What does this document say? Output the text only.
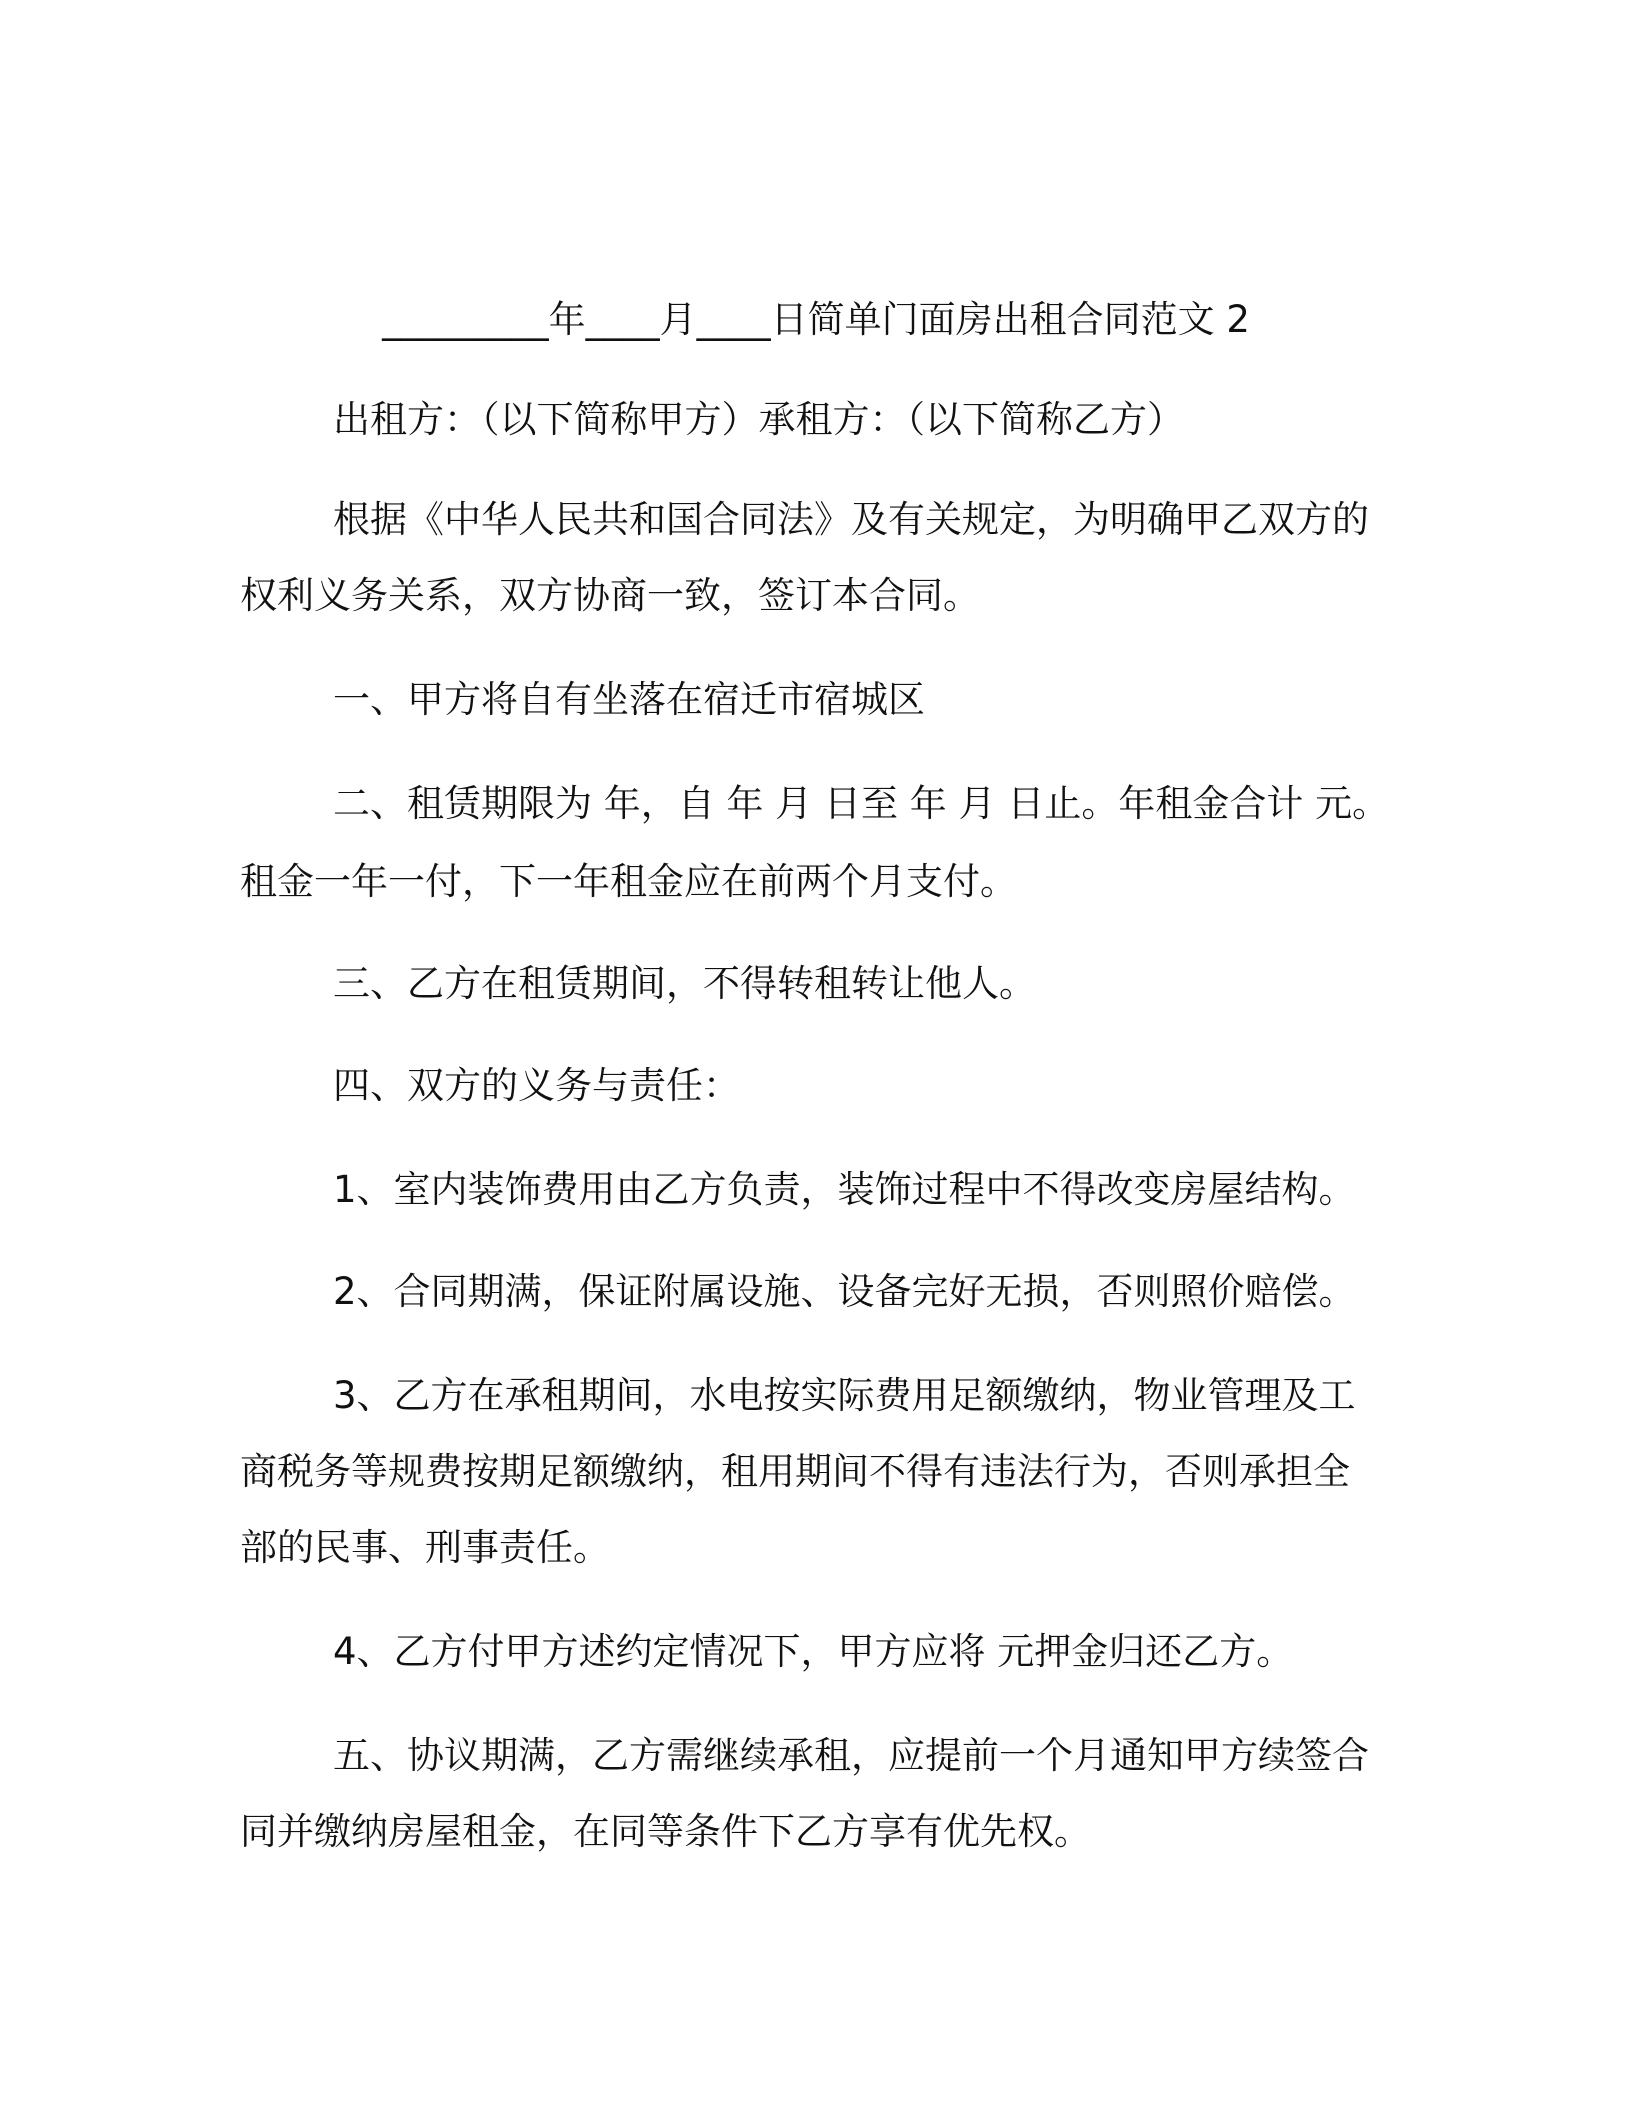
_________年____月____日简单门面房出租合同范文 2
出租方：（以下简称甲方）承租方：（以下简称乙方）
根据《中华人民共和国合同法》及有关规定，为明确甲乙双方的
权利义务关系，双方协商一致，签订本合同。
一、甲方将自有坐落在宿迁市宿城区
二、租赁期限为 年，自 年 月 日至 年 月 日止。年租金合计 元。
租金一年一付，下一年租金应在前两个月支付。
三、乙方在租赁期间，不得转租转让他人。
四、双方的义务与责任：
1、室内装饰费用由乙方负责，装饰过程中不得改变房屋结构。
2、合同期满，保证附属设施、设备完好无损，否则照价赔偿。
3、乙方在承租期间，水电按实际费用足额缴纳，物业管理及工
商税务等规费按期足额缴纳，租用期间不得有违法行为，否则承担全
部的民事、刑事责任。
4、乙方付甲方述约定情况下，甲方应将 元押金归还乙方。
五、协议期满，乙方需继续承租，应提前一个月通知甲方续签合
同并缴纳房屋租金，在同等条件下乙方享有优先权。
